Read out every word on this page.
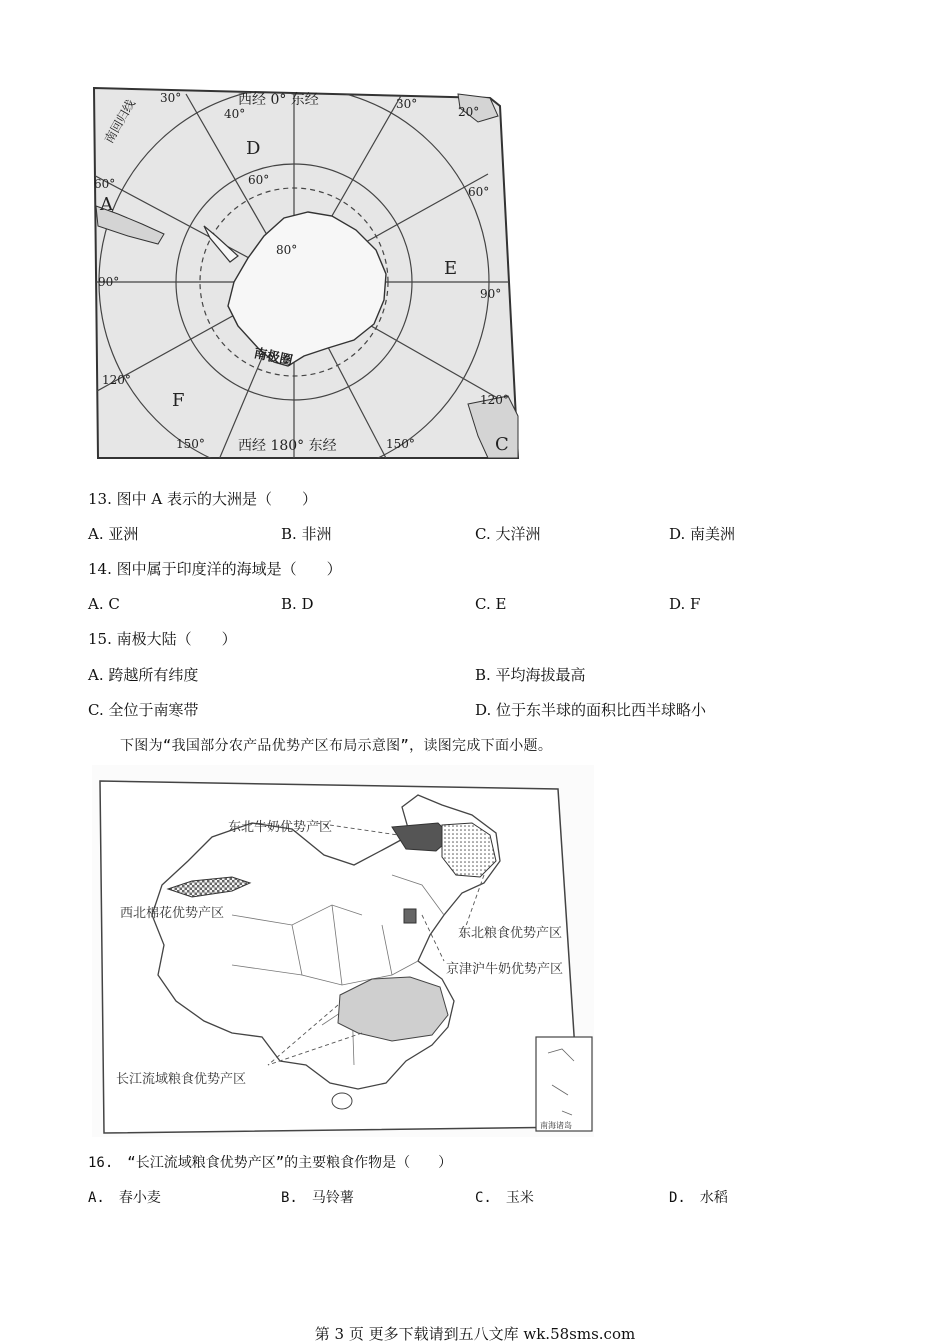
西经 0° 东经
西经 180° 东经
南回归线
南极圈
A
C
D
E
F
30°
40°
30°
20°
60°	60°
60°
80°
90°
90°
120°
120°
150°	150°
13. 图中 A 表示的大洲是（　　）
A. 亚洲	B. 非洲	C. 大洋洲	D. 南美洲
14. 图中属于印度洋的海域是（　　）
A. C	B. D	C. E	D. F
15. 南极大陆（　　）
A. 跨越所有纬度	B. 平均海拔最高
C. 全位于南寒带	D. 位于东半球的面积比西半球略小
下图为“我国部分农产品优势产区布局示意图”，读图完成下面小题。
南海诸岛
东北牛奶优势产区
西北棉花优势产区
东北粮食优势产区
京津沪牛奶优势产区
长江流域粮食优势产区
16.　“长江流域粮食优势产区”的主要粮食作物是（　　）
A.　春小麦	B.　马铃薯	C.　玉米	D.　水稻
第 3 页 更多下载请到五八文库 wk.58sms.com
